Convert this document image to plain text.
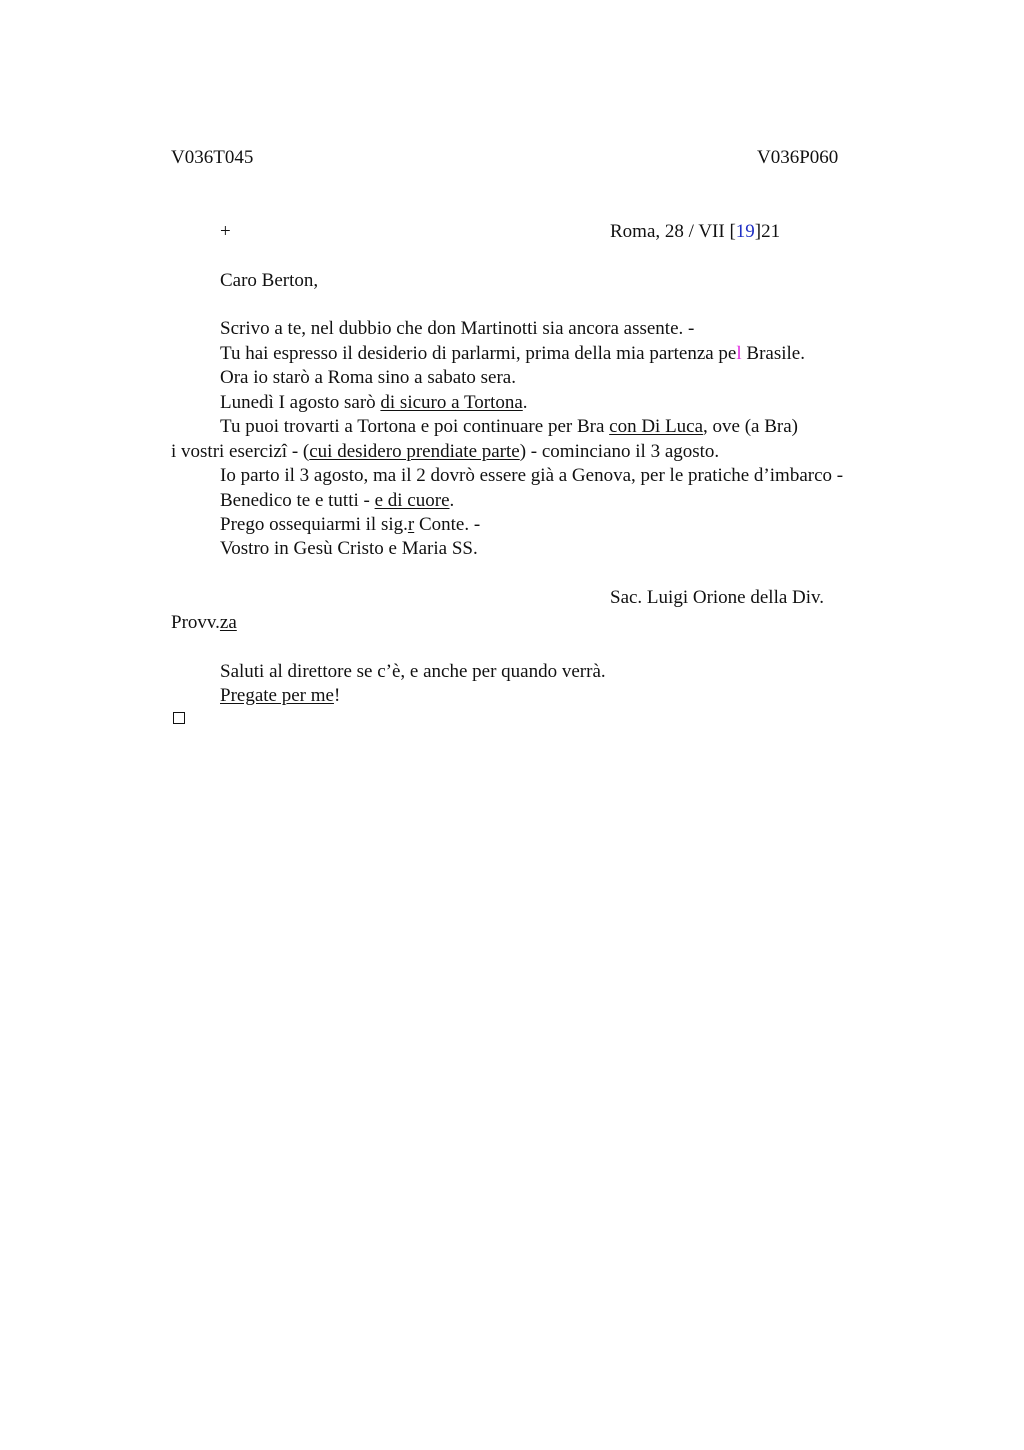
V036T045	V036P060
+	Roma, 28 / VII [19]21
Caro Berton,
Scrivo a te, nel dubbio che don Martinotti sia ancora assente. -
Tu hai espresso il desiderio di parlarmi, prima della mia partenza pel Brasile.
Ora io starò a Roma sino a sabato sera.
Lunedì I agosto sarò di sicuro a Tortona.
Tu puoi trovarti a Tortona e poi continuare per Bra con Di Luca, ove (a Bra)
i vostri esercizî - (cui desidero prendiate parte) - cominciano il 3 agosto.
Io parto il 3 agosto, ma il 2 dovrò essere già a Genova, per le pratiche d’imbarco -
Benedico te e tutti - e di cuore.
Prego ossequiarmi il sig.r Conte. -
Vostro in Gesù Cristo e Maria SS.
Sac. Luigi Orione della Div.
Provv.za
Saluti al direttore se c’è, e anche per quando verrà.
Pregate per me!
